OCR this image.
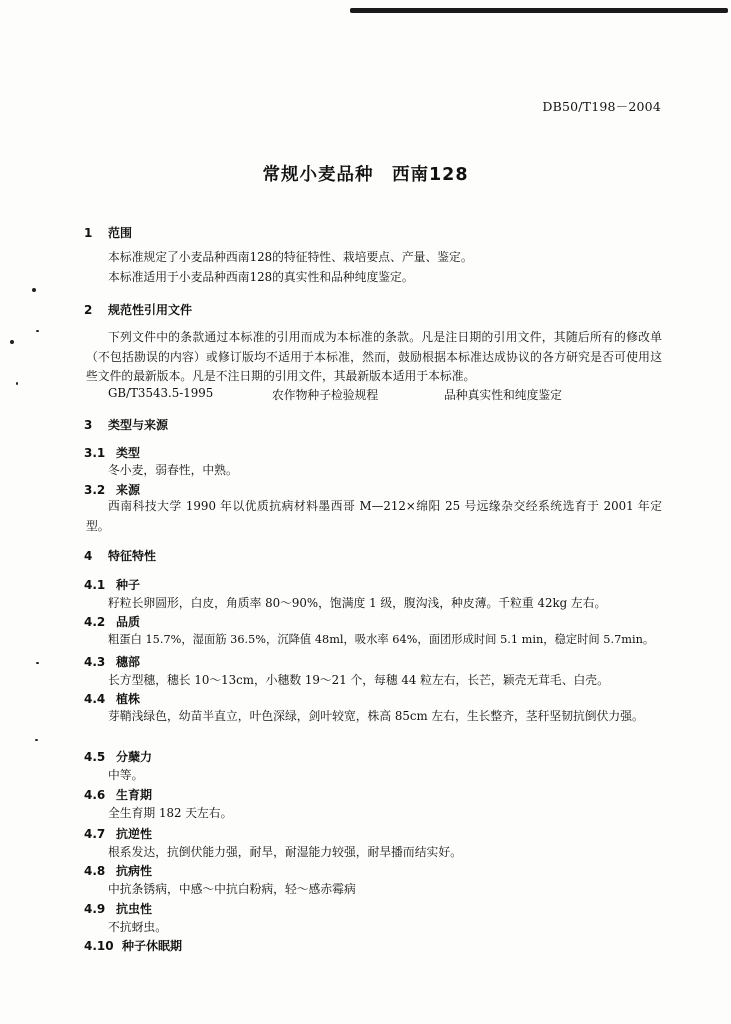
DB50/T198－2004
常规小麦品种　西南128
1 范围
本标准规定了小麦品种西南128的特征特性、栽培要点、产量、鉴定。
本标准适用于小麦品种西南128的真实性和品种纯度鉴定。
2 规范性引用文件
下列文件中的条款通过本标准的引用而成为本标准的条款。凡是注日期的引用文件，其随后所有的修改单（不包括勘误的内容）或修订版均不适用于本标准，然而，鼓励根据本标准达成协议的各方研究是否可使用这些文件的最新版本。凡是不注日期的引用文件，其最新版本适用于本标准。
GB/T3543.5-1995	农作物种子检验规程	品种真实性和纯度鉴定
3 类型与来源
3.1 类型
冬小麦，弱春性，中熟。
3.2 来源
西南科技大学 1990 年以优质抗病材料墨西哥 M—212×绵阳 25 号远缘杂交经系统选育于 2001 年定型。
4 特征特性
4.1 种子
籽粒长卵圆形，白皮，角质率 80～90%，饱满度 1 级，腹沟浅，种皮薄。千粒重 42kg 左右。
4.2 品质
粗蛋白 15.7%，湿面筋 36.5%，沉降值 48ml，吸水率 64%，面团形成时间 5.1 min，稳定时间 5.7min。
4.3 穗部
长方型穗，穗长 10～13cm，小穗数 19～21 个，每穗 44 粒左右，长芒，颖壳无茸毛、白壳。
4.4 植株
芽鞘浅绿色，幼苗半直立，叶色深绿，剑叶较宽，株高 85cm 左右，生长整齐，茎秆坚韧抗倒伏力强。
4.5 分蘖力
中等。
4.6 生育期
全生育期 182 天左右。
4.7 抗逆性
根系发达，抗倒伏能力强，耐旱，耐湿能力较强，耐旱播而结实好。
4.8 抗病性
中抗条锈病，中感～中抗白粉病，轻～感赤霉病
4.9 抗虫性
不抗蚜虫。
4.10 种子休眠期
